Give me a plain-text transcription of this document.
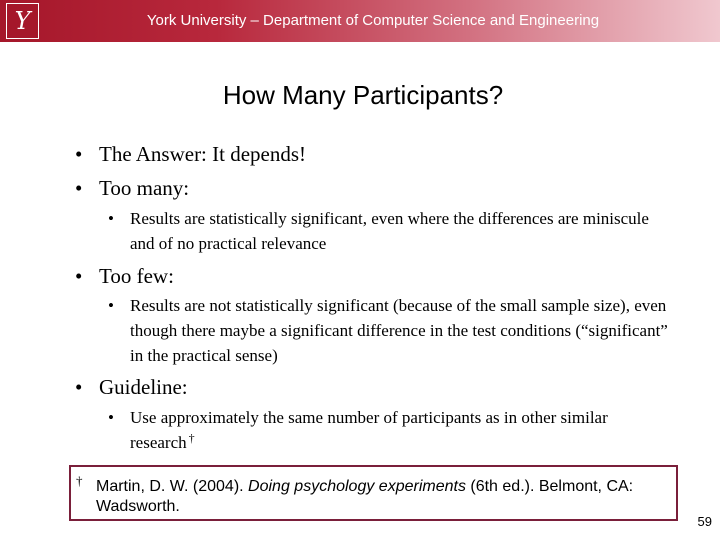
Y	York University – Department of Computer Science and Engineering
How Many Participants?
• The Answer: It depends!
• Too many:
• Results are statistically significant, even where the differences are miniscule and of no practical relevance
• Too few:
• Results are not statistically significant (because of the small sample size), even though there maybe a significant difference in the test conditions (“significant” in the practical sense)
• Guideline:
• Use approximately the same number of participants as in other similar research †
† Martin, D. W. (2004). Doing psychology experiments (6th ed.). Belmont, CA: Wadsworth.
59
